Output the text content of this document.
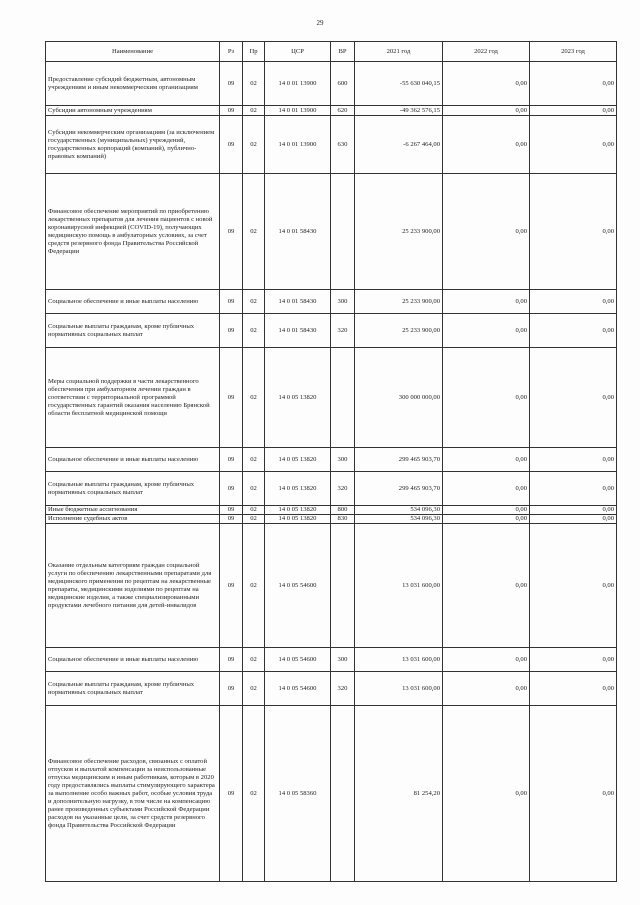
29
Наименование	Рз	Пр	ЦСР	ВР	2021 год	2022 год	2023 год
Предоставление субсидий бюджетным, автономным учреждениям и иным некоммерческим организациям	09	02	14 0 01 13900	600	-55 630 040,15	0,00	0,00
Субсидии автономным учреждениям	09	02	14 0 01 13900	620	-49 362 576,15	0,00	0,00
Субсидии некоммерческим организациям (за исключением государственных (муниципальных) учреждений, государственных корпораций (компаний), публично-правовых компаний)	09	02	14 0 01 13900	630	-6 267 464,00	0,00	0,00
Финансовое обеспечение мероприятий по приобретению лекарственных препаратов для лечения пациентов с новой коронавирусной инфекцией (COVID-19), получающих медицинскую помощь в амбулаторных условиях, за счет средств резервного фонда Правительства Российской Федерации	09	02	14 0 01 58430		25 233 900,00	0,00	0,00
Социальное обеспечение и иные выплаты населению	09	02	14 0 01 58430	300	25 233 900,00	0,00	0,00
Социальные выплаты гражданам, кроме публичных нормативных социальных выплат	09	02	14 0 01 58430	320	25 233 900,00	0,00	0,00
Меры социальной поддержки в части лекарственного обеспечения при амбулаторном лечении граждан в соответствии с территориальной программой государственных гарантий оказания населению Брянской области бесплатной медицинской помощи	09	02	14 0 05 13820		300 000 000,00	0,00	0,00
Социальное обеспечение и иные выплаты населению	09	02	14 0 05 13820	300	299 465 903,70	0,00	0,00
Социальные выплаты гражданам, кроме публичных нормативных социальных выплат	09	02	14 0 05 13820	320	299 465 903,70	0,00	0,00
Иные бюджетные ассигнования	09	02	14 0 05 13820	800	534 096,30	0,00	0,00
Исполнение судебных актов	09	02	14 0 05 13820	830	534 096,30	0,00	0,00
Оказание отдельным категориям граждан социальной услуги по обеспечению лекарственными препаратами для медицинского применения по рецептам на лекарственные препараты, медицинскими изделиями по рецептам на медицинские изделия, а также специализированными продуктами лечебного питания для детей-инвалидов	09	02	14 0 05 54600		13 031 600,00	0,00	0,00
Социальное обеспечение и иные выплаты населению	09	02	14 0 05 54600	300	13 031 600,00	0,00	0,00
Социальные выплаты гражданам, кроме публичных нормативных социальных выплат	09	02	14 0 05 54600	320	13 031 600,00	0,00	0,00
Финансовое обеспечение расходов, связанных с оплатой отпусков и выплатой компенсации за неиспользованные отпуска медицинским и иным работникам, которым в 2020 году предоставлялись выплаты стимулирующего характера за выполнение особо важных работ, особые условия труда и дополнительную нагрузку, в том числе на компенсацию ранее произведенных субъектами Российской Федерации расходов на указанные цели, за счет средств резервного фонда Правительства Российской Федерации	09	02	14 0 05 58360		81 254,20	0,00	0,00
